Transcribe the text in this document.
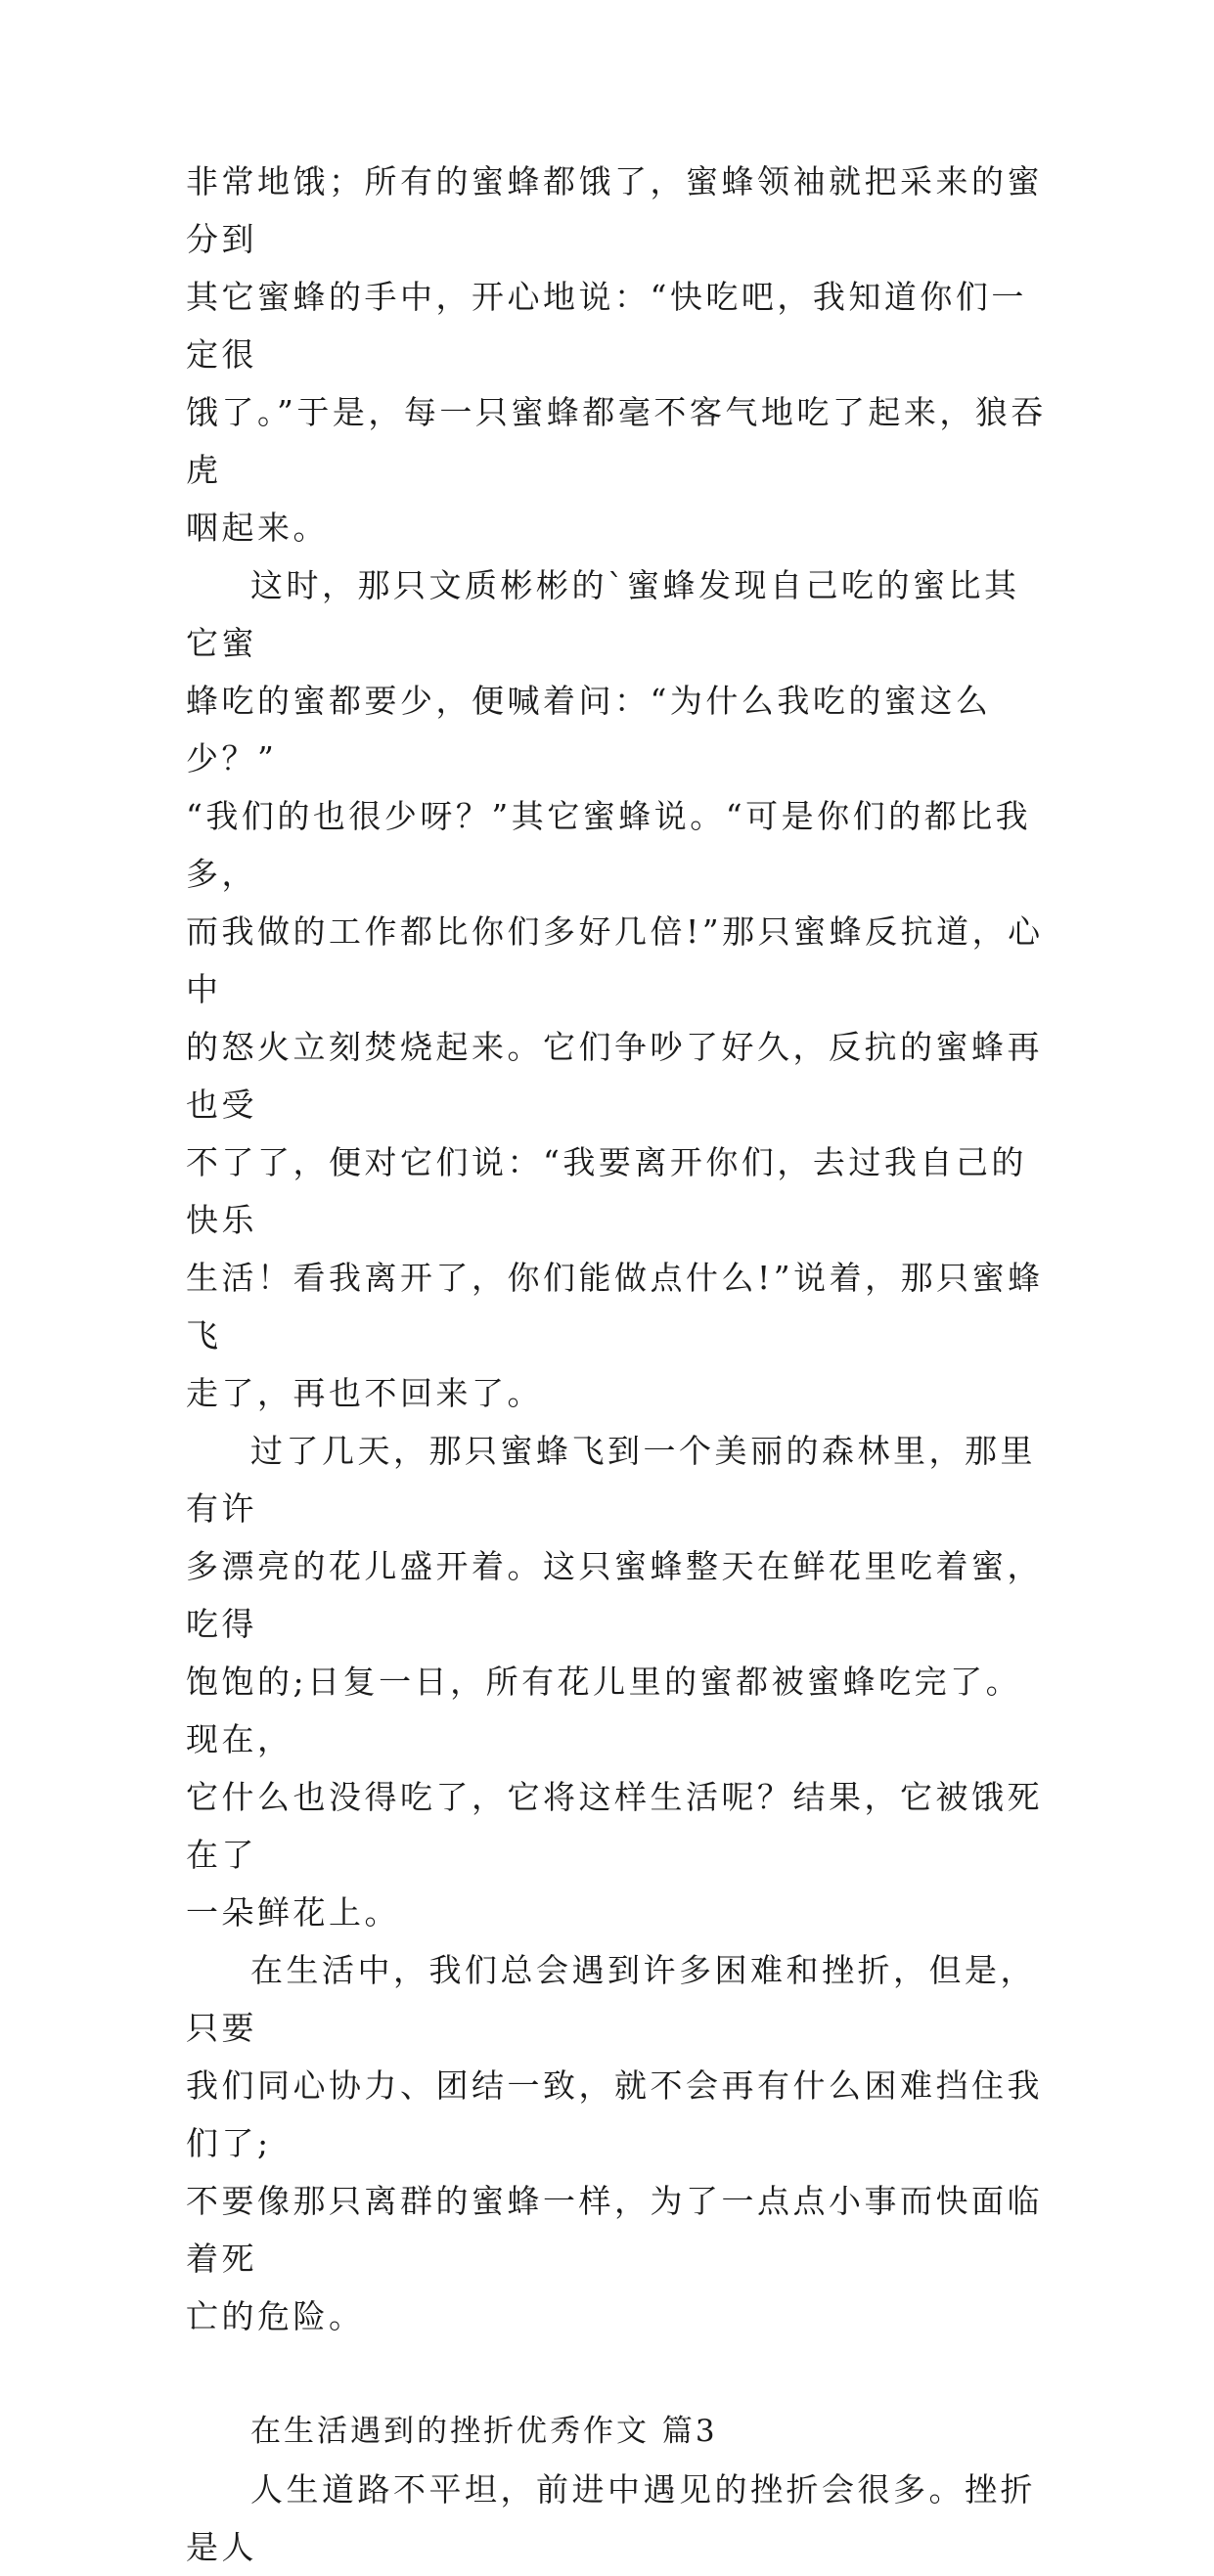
非常地饿；所有的蜜蜂都饿了，蜜蜂领袖就把采来的蜜分到
其它蜜蜂的手中，开心地说：“快吃吧，我知道你们一定很
饿了。”于是，每一只蜜蜂都毫不客气地吃了起来，狼吞虎
咽起来。

这时，那只文质彬彬的`蜜蜂发现自己吃的蜜比其它蜜
蜂吃的蜜都要少，便喊着问：“为什么我吃的蜜这么少？”
“我们的也很少呀？”其它蜜蜂说。“可是你们的都比我多，
而我做的工作都比你们多好几倍!”那只蜜蜂反抗道，心中
的怒火立刻焚烧起来。它们争吵了好久，反抗的蜜蜂再也受
不了了，便对它们说：“我要离开你们，去过我自己的快乐
生活！看我离开了，你们能做点什么!”说着，那只蜜蜂飞
走了，再也不回来了。

过了几天，那只蜜蜂飞到一个美丽的森林里，那里有许
多漂亮的花儿盛开着。这只蜜蜂整天在鲜花里吃着蜜，吃得
饱饱的;日复一日，所有花儿里的蜜都被蜜蜂吃完了。现在，
它什么也没得吃了，它将这样生活呢？结果，它被饿死在了
一朵鲜花上。

在生活中，我们总会遇到许多困难和挫折，但是，只要
我们同心协力、团结一致，就不会再有什么困难挡住我们了;
不要像那只离群的蜜蜂一样，为了一点点小事而快面临着死
亡的危险。

在生活遇到的挫折优秀作文 篇3

人生道路不平坦，前进中遇见的挫折会很多。挫折是人
